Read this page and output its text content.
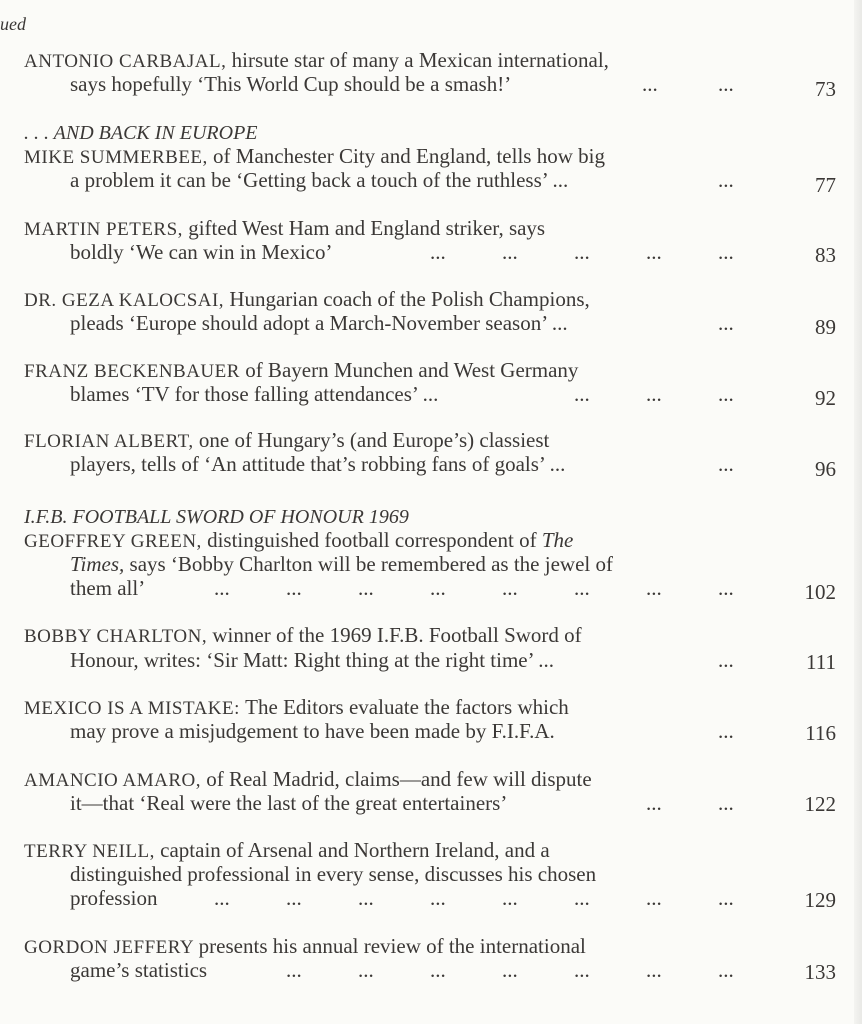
ued
ANTONIO CARBAJAL, hirsute star of many a Mexican international,
says hopefully ‘This World Cup should be a smash!’	...	...	73
. . . AND BACK IN EUROPE
MIKE SUMMERBEE, of Manchester City and England, tells how big
a problem it can be ‘Getting back a touch of the ruthless’ ...	...	77
MARTIN PETERS, gifted West Ham and England striker, says
boldly ‘We can win in Mexico’	...	...	...	...	...	83
DR. GEZA KALOCSAI, Hungarian coach of the Polish Champions,
pleads ‘Europe should adopt a March-November season’ ...	...	89
FRANZ BECKENBAUER of Bayern Munchen and West Germany
blames ‘TV for those falling attendances’ ...	...	...	...	92
FLORIAN ALBERT, one of Hungary’s (and Europe’s) classiest
players, tells of ‘An attitude that’s robbing fans of goals’ ...	...	96
I.F.B. FOOTBALL SWORD OF HONOUR 1969
GEOFFREY GREEN, distinguished football correspondent of The
Times, says ‘Bobby Charlton will be remembered as the jewel of
them all’	...	...	...	...	...	...	...	...	102
BOBBY CHARLTON, winner of the 1969 I.F.B. Football Sword of
Honour, writes: ‘Sir Matt: Right thing at the right time’ ...	...	111
MEXICO IS A MISTAKE: The Editors evaluate the factors which
may prove a misjudgement to have been made by F.I.F.A.	...	116
AMANCIO AMARO, of Real Madrid, claims—and few will dispute
it—that ‘Real were the last of the great entertainers’	...	...	122
TERRY NEILL, captain of Arsenal and Northern Ireland, and a
distinguished professional in every sense, discusses his chosen
profession	...	...	...	...	...	...	...	...	129
GORDON JEFFERY presents his annual review of the international
game’s statistics	...	...	...	...	...	...	...	133
